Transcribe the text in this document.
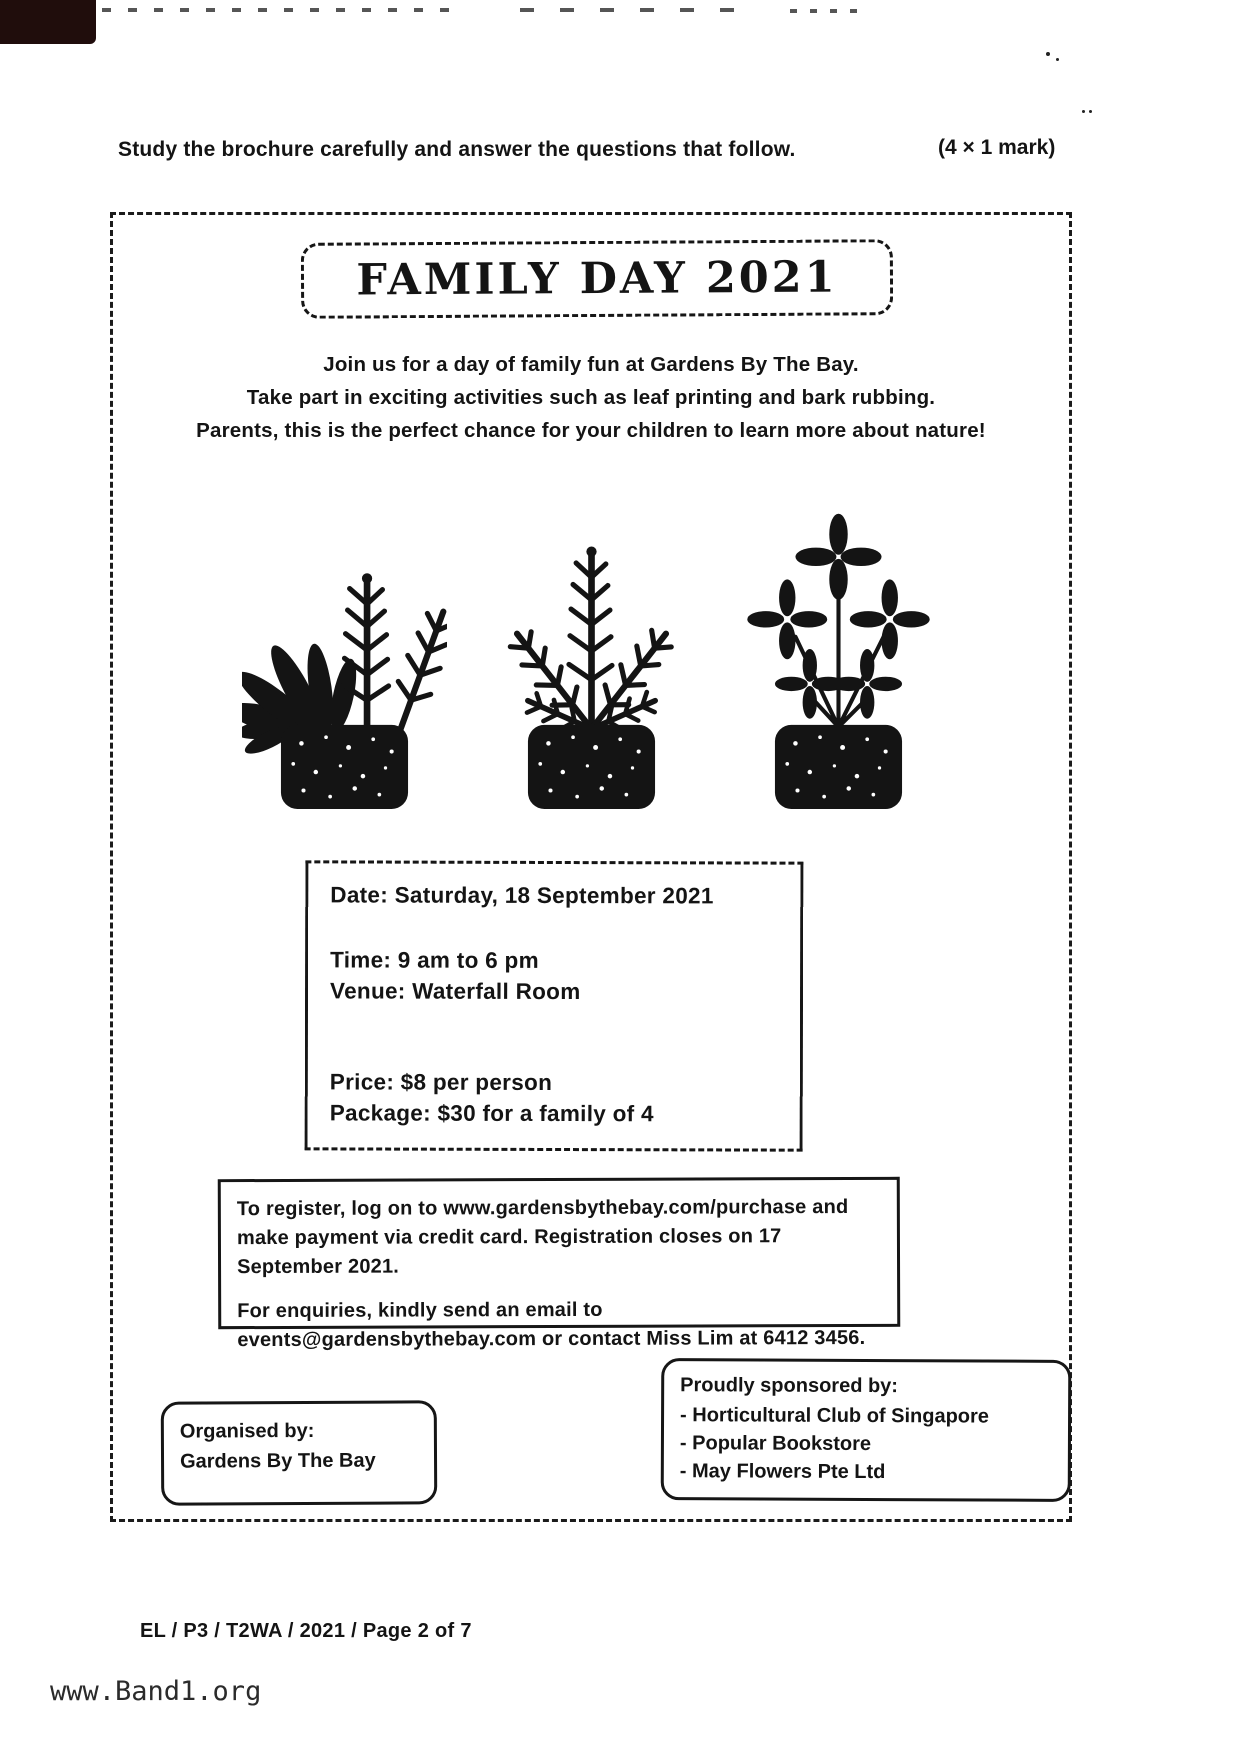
Study the brochure carefully and answer the questions that follow.	(4 × 1 mark)
FAMILY DAY 2021
Join us for a day of family fun at Gardens By The Bay.
Take part in exciting activities such as leaf printing and bark rubbing.
Parents, this is the perfect chance for your children to learn more about nature!

Date: Saturday, 18 September 2021

Time: 9 am to 6 pm

Venue: Waterfall Room

Price: $8 per person

Package: $30 for a family of 4

To register, log on to www.gardensbythebay.com/purchase and make payment via credit card. Registration closes on 17 September 2021.

For enquiries, kindly send an email to events@gardensbythebay.com or contact Miss Lim at 6412 3456.

Organised by:
Gardens By The Bay

Proudly sponsored by:

- Horticultural Club of Singapore

- Popular Bookstore

- May Flowers Pte Ltd

EL / P3 / T2WA / 2021 / Page 2 of 7
www.Band1.org
